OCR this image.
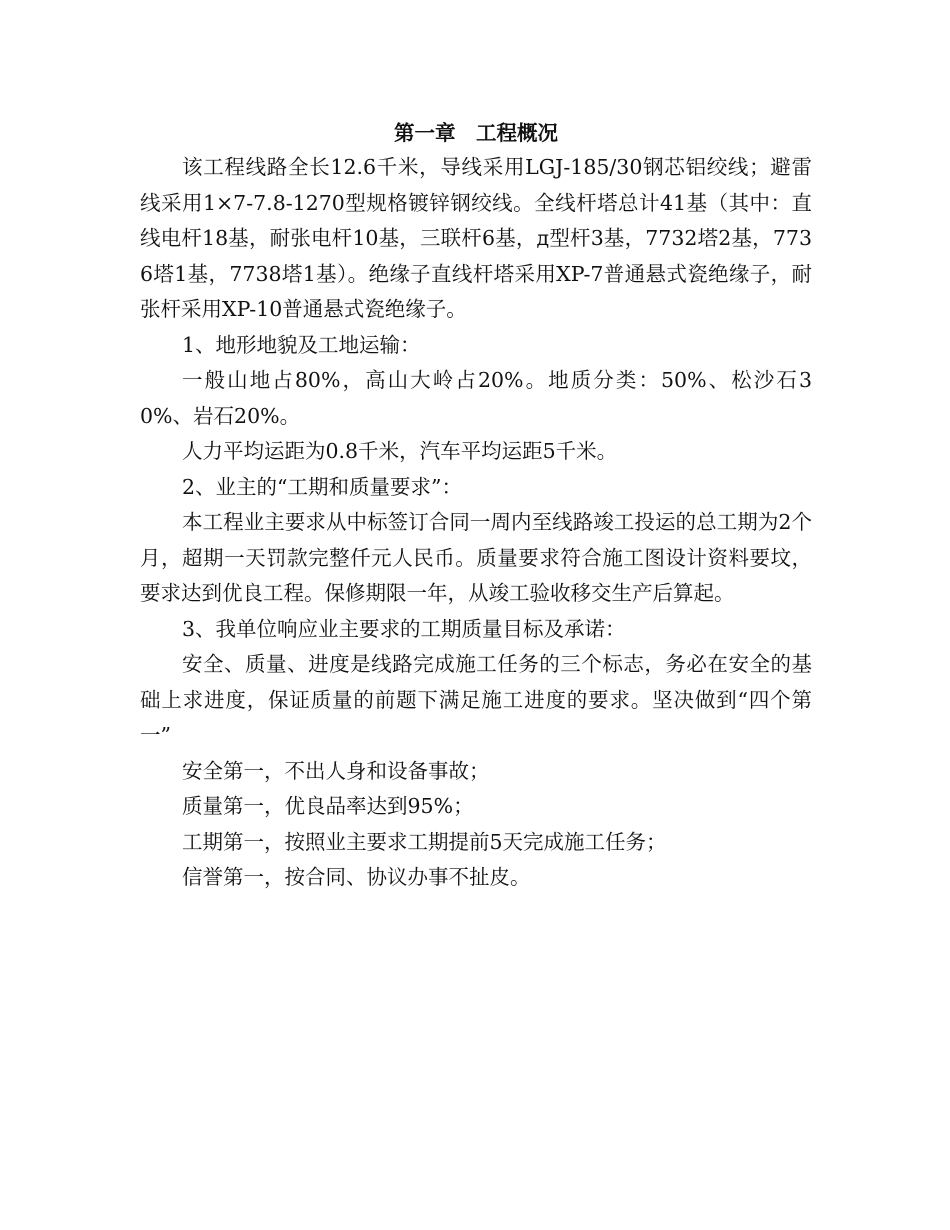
第一章　工程概况

该工程线路全长12.6千米，导线采用LGJ-185/30钢芯铝绞线；避雷线采用1×7-7.8-1270型规格镀锌钢绞线。全线杆塔总计41基（其中：直线电杆18基，耐张电杆10基，三联杆6基，д型杆3基，7732塔2基，7736塔1基，7738塔1基）。绝缘子直线杆塔采用XP-7普通悬式瓷绝缘子，耐张杆采用XP-10普通悬式瓷绝缘子。

1、地形地貌及工地运输：

一般山地占80%，高山大岭占20%。地质分类：50%、松沙石30%、岩石20%。

人力平均运距为0.8千米，汽车平均运距5千米。

2、业主的“工期和质量要求”：

本工程业主要求从中标签订合同一周内至线路竣工投运的总工期为2个月，超期一天罚款完整仟元人民币。质量要求符合施工图设计资料要坟，要求达到优良工程。保修期限一年，从竣工验收移交生产后算起。

3、我单位响应业主要求的工期质量目标及承诺：

安全、质量、进度是线路完成施工任务的三个标志，务必在安全的基础上求进度，保证质量的前题下满足施工进度的要求。坚决做到“四个第一”

安全第一，不出人身和设备事故；

质量第一，优良品率达到95%；

工期第一，按照业主要求工期提前5天完成施工任务；

信誉第一，按合同、协议办事不扯皮。
